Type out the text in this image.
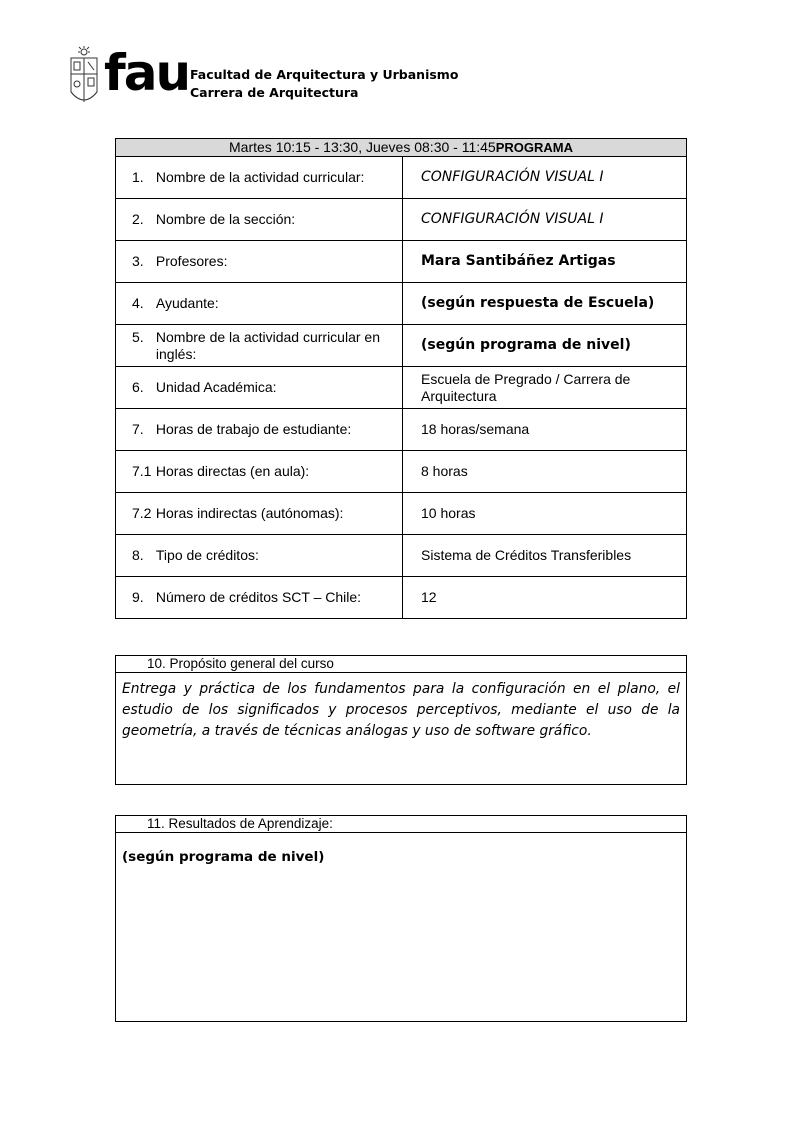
fau Facultad de Arquitectura y Urbanismo
Carrera de Arquitectura
Martes 10:15 - 13:30, Jueves 08:30 - 11:45PROGRAMA	

1.
Nombre de la actividad curricular:	CONFIGURACIÓN VISUAL I

2.
Nombre de la sección:	CONFIGURACIÓN VISUAL I

3.
Profesores:	Mara Santibáñez Artigas

4.
Ayudante:	(según respuesta de Escuela)

5.
Nombre de la actividad curricular en inglés:	(según programa de nivel)

6.
Unidad Académica:	Escuela de Pregrado / Carrera de Arquitectura

7.
Horas de trabajo de estudiante:	18 horas/semana

7.1
Horas directas (en aula):	8 horas

7.2
Horas indirectas (autónomas):	10 horas

8.
Tipo de créditos:	Sistema de Créditos Transferibles

9.
Número de créditos SCT – Chile:	12
10. Propósito general del curso
Entrega y práctica de los fundamentos para la configuración en el plano, el estudio de los significados y procesos perceptivos, mediante el uso de la geometría, a través de técnicas análogas y uso de software gráfico.
11. Resultados de Aprendizaje:
(según programa de nivel)
